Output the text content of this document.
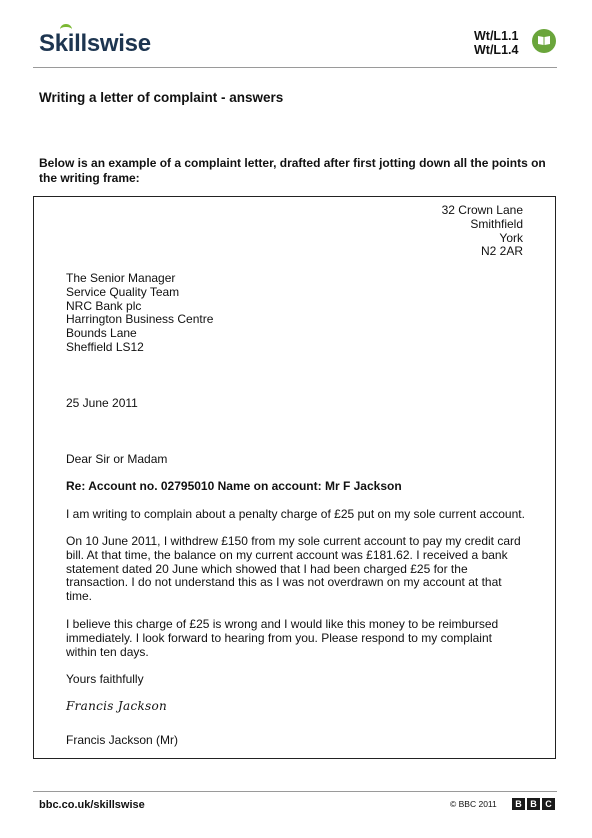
Skillswise	Wt/L1.1
Wt/L1.4
Writing a letter of complaint - answers
Below is an example of a complaint letter, drafted after first jotting down all the points on the writing frame:
32 Crown Lane
Smithfield
York
N2 2AR
The Senior Manager
Service Quality Team
NRC Bank plc
Harrington Business Centre
Bounds Lane
Sheffield LS12
25 June 2011
Dear Sir or Madam
Re: Account no. 02795010 Name on account: Mr F Jackson
I am writing to complain about a penalty charge of £25 put on my sole current account.
On 10 June 2011, I withdrew £150 from my sole current account to pay my credit card
bill. At that time, the balance on my current account was £181.62. I received a bank
statement dated 20 June which showed that I had been charged £25 for the
transaction. I do not understand this as I was not overdrawn on my account at that
time.
I believe this charge of £25 is wrong and I would like this money to be reimbursed
immediately. I look forward to hearing from you. Please respond to my complaint
within ten days.
Yours faithfully
Francis Jackson
Francis Jackson (Mr)
bbc.co.uk/skillswise	© BBC 2011	B B C
